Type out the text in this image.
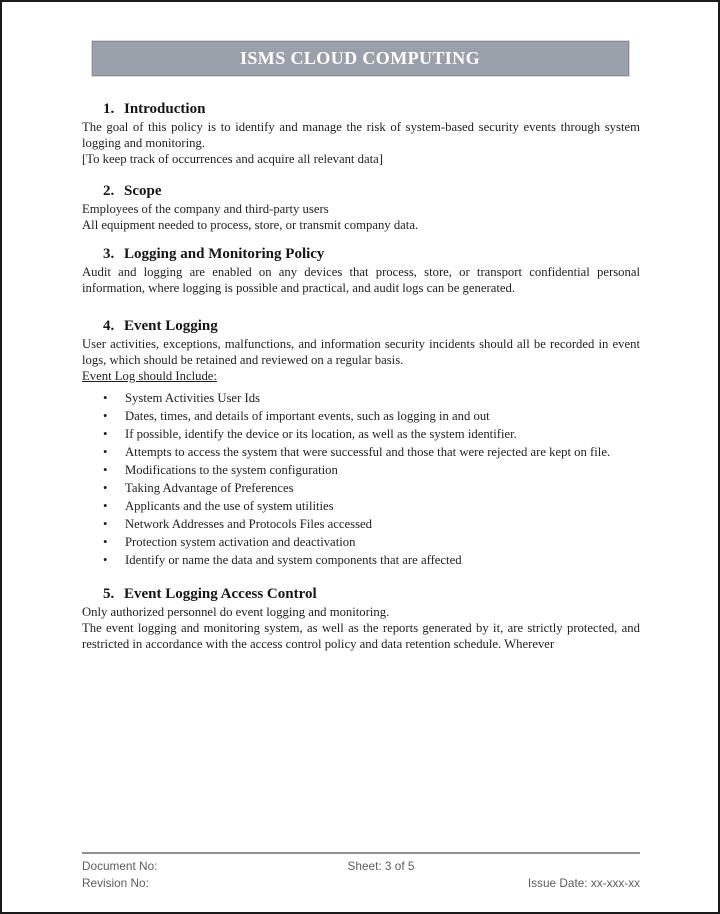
ISMS CLOUD COMPUTING
1. Introduction

The goal of this policy is to identify and manage the risk of system-based security events through system logging and monitoring.

[To keep track of occurrences and acquire all relevant data]

2. Scope

Employees of the company and third-party users

All equipment needed to process, store, or transmit company data.

3. Logging and Monitoring Policy

Audit and logging are enabled on any devices that process, store, or transport confidential personal information, where logging is possible and practical, and audit logs can be generated.

4. Event Logging

User activities, exceptions, malfunctions, and information security incidents should all be recorded in event logs, which should be retained and reviewed on a regular basis.

Event Log should Include:

• System Activities User Ids
• Dates, times, and details of important events, such as logging in and out
• If possible, identify the device or its location, as well as the system identifier.
• Attempts to access the system that were successful and those that were rejected are kept on file.
• Modifications to the system configuration
• Taking Advantage of Preferences
• Applicants and the use of system utilities
• Network Addresses and Protocols Files accessed
• Protection system activation and deactivation
• Identify or name the data and system components that are affected
5. Event Logging Access Control

Only authorized personnel do event logging and monitoring.

The event logging and monitoring system, as well as the reports generated by it, are strictly protected, and restricted in accordance with the access control policy and data retention schedule. Wherever

Document No:	Sheet: 3 of 5
Revision No:	Issue Date: xx-xxx-xx
